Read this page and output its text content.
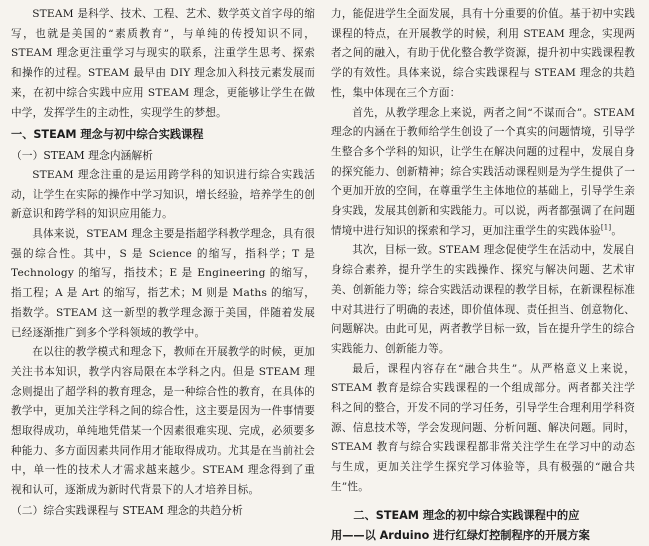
STEAM 是科学、技术、工程、艺术、数学英文首字母的缩写，也就是美国的“素质教育”，与单纯的传授知识不同，STEAM 理念更注重学习与现实的联系，注重学生思考、探索和操作的过程。STEAM 最早由 DIY 理念加入科技元素发展而来，在初中综合实践中应用 STEAM 理念，更能够让学生在做中学，发挥学生的主动性，实现学生的梦想。

一、STEAM 理念与初中综合实践课程

（一）STEAM 理念内涵解析

STEAM 理念注重的是运用跨学科的知识进行综合实践活动，让学生在实际的操作中学习知识，增长经验，培养学生的创新意识和跨学科的知识应用能力。

具体来说，STEAM 理念主要是指超学科教学理念，具有很强的综合性。其中，S 是 Science 的缩写，指科学；T 是 Technology 的缩写，指技术；E 是 Engineering 的缩写，指工程；A 是 Art 的缩写，指艺术；M 则是 Maths 的缩写，指数学。STEAM 这一新型的教学理念源于美国，伴随着发展已经逐渐推广到多个学科领域的教学中。

在以往的教学模式和理念下，教师在开展教学的时候，更加关注书本知识，教学内容局限在本学科之内。但是 STEAM 理念则提出了超学科的教育理念，是一种综合性的教育，在具体的教学中，更加关注学科之间的综合性，这主要是因为一件事情要想取得成功，单纯地凭借某一个因素很难实现、完成，必须要多种能力、多方面因素共同作用才能取得成功。尤其是在当前社会中，单一性的技术人才需求越来越少。STEAM 理念得到了重视和认可，逐渐成为新时代背景下的人才培养目标。

（二）综合实践课程与 STEAM 理念的共趋分析

力，能促进学生全面发展，具有十分重要的价值。基于初中实践课程的特点，在开展教学的时候，利用 STEAM 理念，实现两者之间的融入，有助于优化整合教学资源，提升初中实践课程教学的有效性。具体来说，综合实践课程与 STEAM 理念的共趋性，集中体现在三个方面：

首先，从教学理念上来说，两者之间“不谋而合”。STEAM 理念的内涵在于教师给学生创设了一个真实的问题情境，引导学生整合多个学科的知识，让学生在解决问题的过程中，发展自身的探究能力、创新精神；综合实践活动课程则是为学生提供了一个更加开放的空间，在尊重学生主体地位的基础上，引导学生亲身实践，发展其创新和实践能力。可以说，两者都强调了在问题情境中进行知识的探索和学习，更加注重学生的实践体验[1]。

其次，目标一致。STEAM 理念促使学生在活动中，发展自身综合素养，提升学生的实践操作、探究与解决问题、艺术审美、创新能力等；综合实践活动课程的教学目标，在新课程标准中对其进行了明确的表述，即价值体现、责任担当、创意物化、问题解决。由此可见，两者教学目标一致，旨在提升学生的综合实践能力、创新能力等。

最后，课程内容存在“融合共生”。从严格意义上来说，STEAM 教育是综合实践课程的一个组成部分。两者都关注学科之间的整合，开发不同的学习任务，引导学生合理利用学科资源、信息技术等，学会发现问题、分析问题、解决问题。同时，STEAM 教育与综合实践课程都非常关注学生在学习中的动态与生成，更加关注学生探究学习体验等，具有极强的“融合共生”性。

二、STEAM 理念的初中综合实践课程中的应

用——以 Arduino 进行红绿灯控制程序的开展方案
